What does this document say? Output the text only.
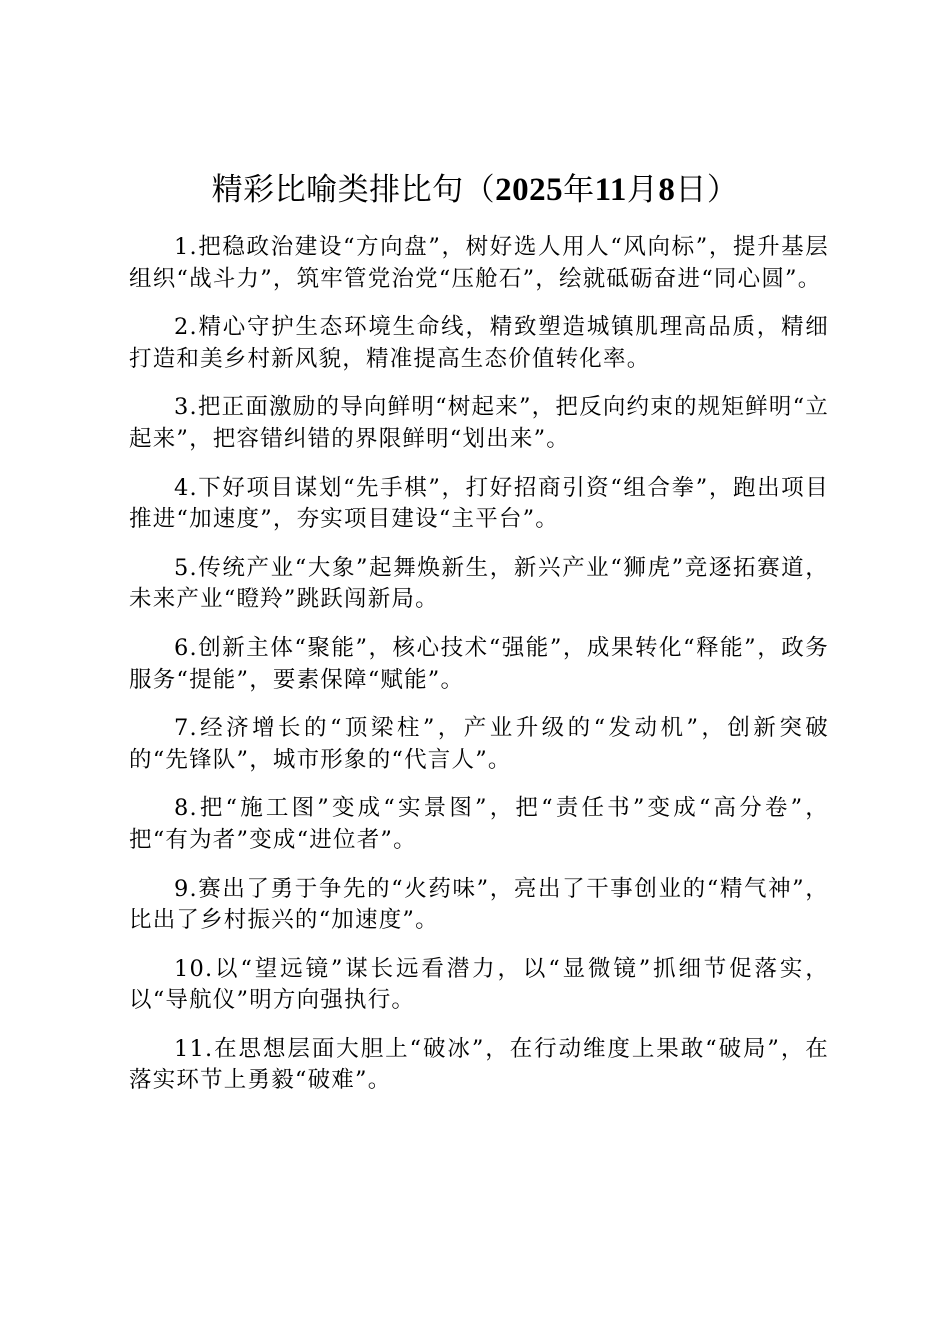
精彩比喻类排比句（2025年11月8日）

1.把稳政治建设“方向盘”，树好选人用人“风向标”，提升基层组织“战斗力”，筑牢管党治党“压舱石”，绘就砥砺奋进“同心圆”。

2.精心守护生态环境生命线，精致塑造城镇肌理高品质，精细打造和美乡村新风貌，精准提高生态价值转化率。

3.把正面激励的导向鲜明“树起来”，把反向约束的规矩鲜明“立起来”，把容错纠错的界限鲜明“划出来”。

4.下好项目谋划“先手棋”，打好招商引资“组合拳”，跑出项目推进“加速度”，夯实项目建设“主平台”。

5.传统产业“大象”起舞焕新生，新兴产业“狮虎”竞逐拓赛道，未来产业“瞪羚”跳跃闯新局。

6.创新主体“聚能”，核心技术“强能”，成果转化“释能”，政务服务“提能”，要素保障“赋能”。

7.经济增长的“顶梁柱”，产业升级的“发动机”，创新突破的“先锋队”，城市形象的“代言人”。

8.把“施工图”变成“实景图”，把“责任书”变成“高分卷”，把“有为者”变成“进位者”。

9.赛出了勇于争先的“火药味”，亮出了干事创业的“精气神”，比出了乡村振兴的“加速度”。

10.以“望远镜”谋长远看潜力，以“显微镜”抓细节促落实，以“导航仪”明方向强执行。

11.在思想层面大胆上“破冰”，在行动维度上果敢“破局”，在落实环节上勇毅“破难”。
